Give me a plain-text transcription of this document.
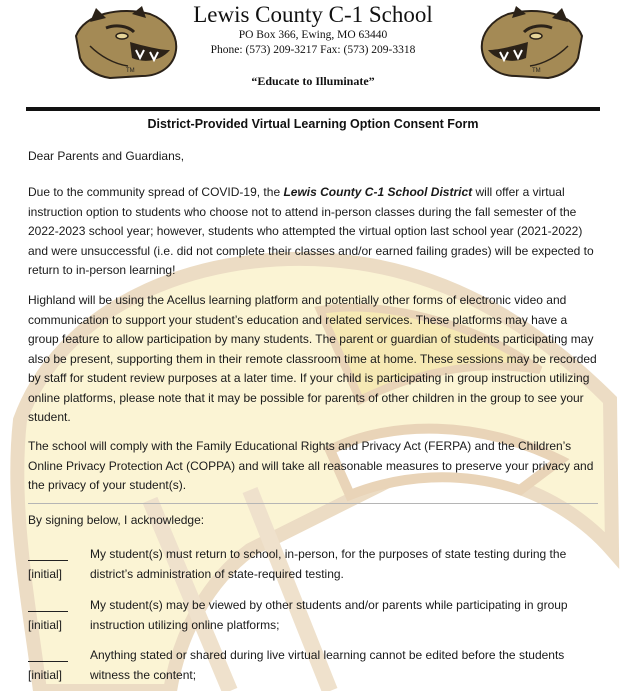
TM	TM
Lewis County C-1 School
PO Box 366, Ewing, MO 63440
Phone: (573) 209-3217 Fax: (573) 209-3318
“Educate to Illuminate”
District-Provided Virtual Learning Option Consent Form
Dear Parents and Guardians,
Due to the community spread of COVID-19, the Lewis County C-1 School District will offer a virtual instruction option to students who choose not to attend in-person classes during the fall semester of the 2022-2023 school year; however, students who attempted the virtual option last school year (2021-2022) and were unsuccessful (i.e. did not complete their classes and/or earned failing grades) will be expected to return to in-person learning!
Highland will be using the Acellus learning platform and potentially other forms of electronic video and communication to support your student’s education and related services. These platforms may have a group feature to allow participation by many students. The parent or guardian of students participating may also be present, supporting them in their remote classroom time at home. These sessions may be recorded by staff for student review purposes at a later time. If your child is participating in group instruction utilizing online platforms, please note that it may be possible for parents of other children in the group to see your student.
The school will comply with the Family Educational Rights and Privacy Act (FERPA) and the Children’s Online Privacy Protection Act (COPPA) and will take all reasonable measures to preserve your privacy and the privacy of your student(s).
By signing below, I acknowledge:
[initial]
My student(s) must return to school, in-person, for the purposes of state testing during the district’s administration of state-required testing.
[initial]
My student(s) may be viewed by other students and/or parents while participating in group instruction utilizing online platforms;
[initial]
Anything stated or shared during live virtual learning cannot be edited before the students witness the content;
